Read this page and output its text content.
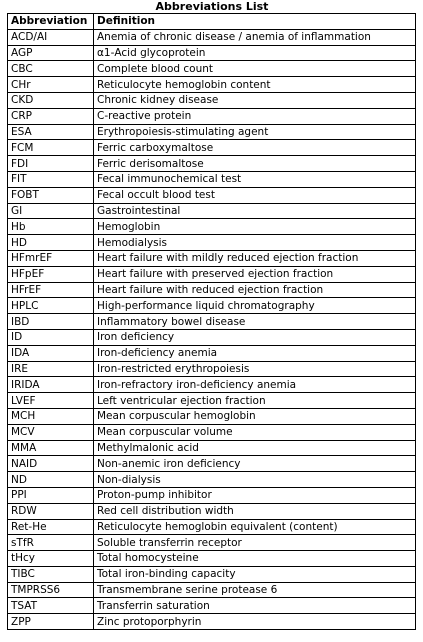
Abbreviations List
Abbreviation	Definition
ACD/AI	Anemia of chronic disease / anemia of inflammation
AGP	α1-Acid glycoprotein
CBC	Complete blood count
CHr	Reticulocyte hemoglobin content
CKD	Chronic kidney disease
CRP	C-reactive protein
ESA	Erythropoiesis-stimulating agent
FCM	Ferric carboxymaltose
FDI	Ferric derisomaltose
FIT	Fecal immunochemical test
FOBT	Fecal occult blood test
GI	Gastrointestinal
Hb	Hemoglobin
HD	Hemodialysis
HFmrEF	Heart failure with mildly reduced ejection fraction
HFpEF	Heart failure with preserved ejection fraction
HFrEF	Heart failure with reduced ejection fraction
HPLC	High-performance liquid chromatography
IBD	Inflammatory bowel disease
ID	Iron deficiency
IDA	Iron-deficiency anemia
IRE	Iron-restricted erythropoiesis
IRIDA	Iron-refractory iron-deficiency anemia
LVEF	Left ventricular ejection fraction
MCH	Mean corpuscular hemoglobin
MCV	Mean corpuscular volume
MMA	Methylmalonic acid
NAID	Non-anemic iron deficiency
ND	Non-dialysis
PPI	Proton-pump inhibitor
RDW	Red cell distribution width
Ret-He	Reticulocyte hemoglobin equivalent (content)
sTfR	Soluble transferrin receptor
tHcy	Total homocysteine
TIBC	Total iron-binding capacity
TMPRSS6	Transmembrane serine protease 6
TSAT	Transferrin saturation
ZPP	Zinc protoporphyrin
